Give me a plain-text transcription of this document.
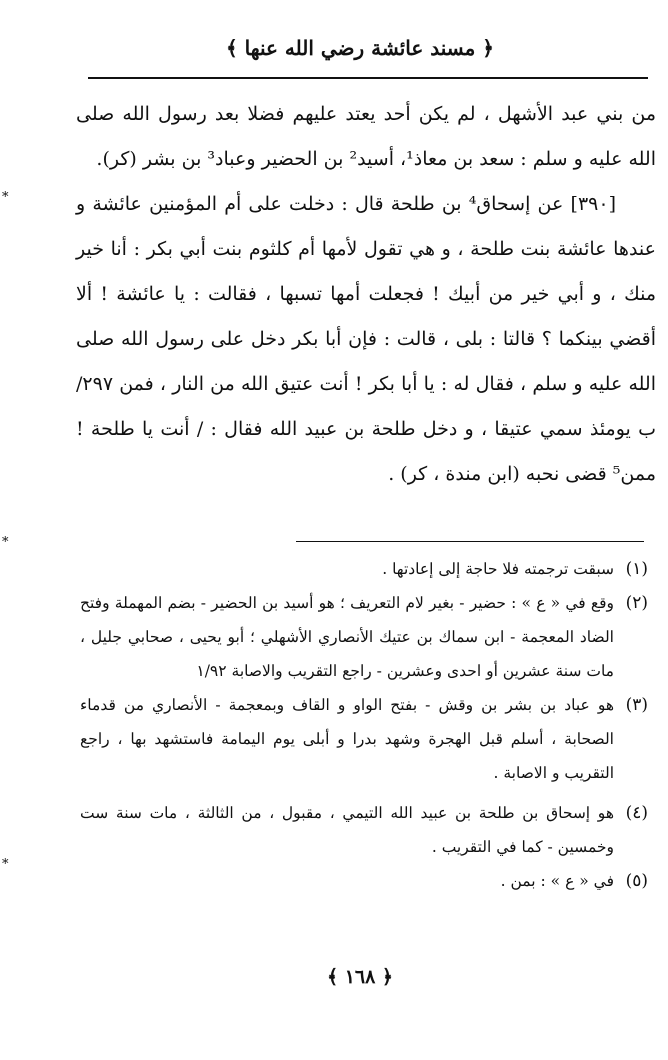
﴿ مسند عائشة رضي الله عنها ﴾

من بني عبد الأشهل ، لم يكن أحد يعتد عليهم فضلا بعد رسول الله صلى الله عليه و سلم : سعد بن معاذ¹، أسيد² بن الحضير وعباد³ بن بشر (كر).

[٣٩٠] عن إسحاق⁴ بن طلحة قال : دخلت على أم المؤمنين عائشة و عندها عائشة بنت طلحة ، و هي تقول لأمها أم كلثوم بنت أبي بكر : أنا خير منك ، و أبي خير من أبيك ! فجعلت أمها تسبها ، فقالت : يا عائشة ! ألا أقضي بينكما ؟ قالتا : بلى ، قالت : فإن أبا بكر دخل على رسول الله صلى الله عليه و سلم ، فقال له : يا أبا بكر ! أنت عتيق الله من النار ، فمن ٢٩٧/ب يومئذ سمي عتيقا ، و دخل طلحة بن عبيد الله فقال : / أنت يا طلحة ! ممن⁵ قضى نحبه (ابن مندة ، كر) .

(١)سبقت ترجمته فلا حاجة إلى إعادتها .

(٢)وقع في « ع » : حضير - بغير لام التعريف ؛ هو أسيد بن الحضير - بضم المهملة وفتح الضاد المعجمة - ابن سماك بن عتيك الأنصاري الأشهلي ؛ أبو يحيى ، صحابي جليل ، مات سنة عشرين أو احدى وعشرين - راجع التقريب والاصابة ١/٩٢

(٣)هو عباد بن بشر بن وقش - بفتح الواو و القاف وبمعجمة - الأنصاري من قدماء الصحابة ، أسلم قبل الهجرة وشهد بدرا و أبلى يوم اليمامة فاستشهد بها ، راجع التقريب و الاصابة .

(٤)هو إسحاق بن طلحة بن عبيد الله التيمي ، مقبول ، من الثالثة ، مات سنة ست وخمسين - كما في التقريب .

(٥)في « ع » : بمن .

﴿ ١٦٨ ﴾
*
*
*
